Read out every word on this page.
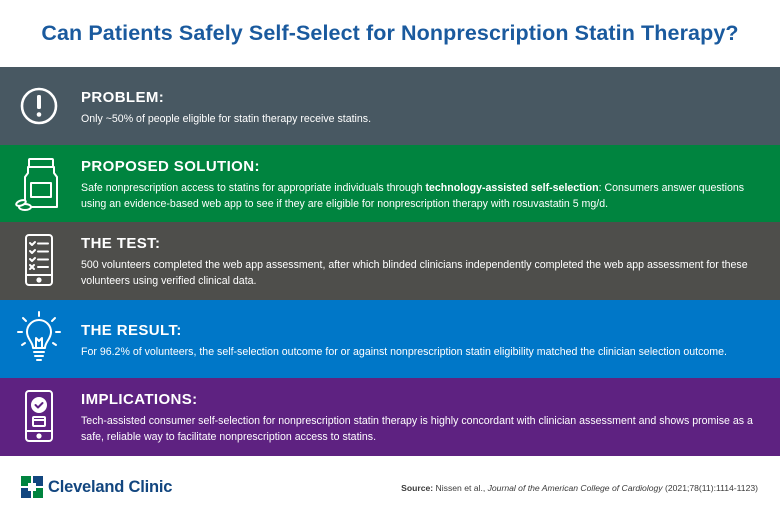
Can Patients Safely Self-Select for Nonprescription Statin Therapy?
PROBLEM:

Only ~50% of people eligible for statin therapy receive statins.

PROPOSED SOLUTION:

Safe nonprescription access to statins for appropriate individuals through technology-assisted self-selection: Consumers answer questions using an evidence-based web app to see if they are eligible for nonprescription therapy with rosuvastatin 5 mg/d.

THE TEST:

500 volunteers completed the web app assessment, after which blinded clinicians independently completed the web app assessment for these volunteers using verified clinical data.

THE RESULT:

For 96.2% of volunteers, the self-selection outcome for or against nonprescription statin eligibility matched the clinician selection outcome.

IMPLICATIONS:

Tech-assisted consumer self-selection for nonprescription statin therapy is highly concordant with clinician assessment and shows promise as a safe, reliable way to facilitate nonprescription access to statins.

Cleveland Clinic	Source: Nissen et al., Journal of the American College of Cardiology (2021;78(11):1114-1123)
